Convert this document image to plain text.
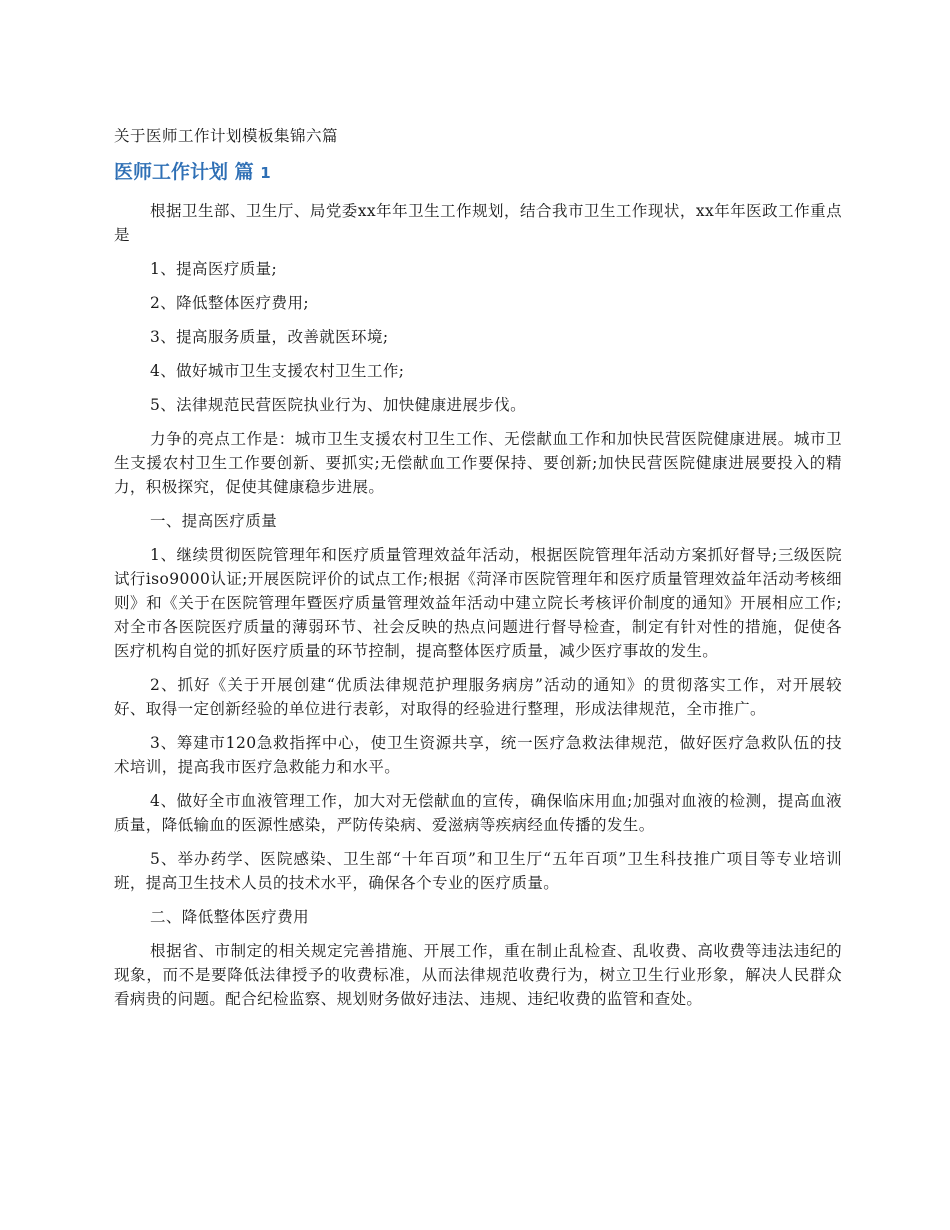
关于医师工作计划模板集锦六篇
医师工作计划 篇 1

根据卫生部、卫生厅、局党委xx年年卫生工作规划，结合我市卫生工作现状，xx年年医政工作重点是

1、提高医疗质量;

2、降低整体医疗费用;

3、提高服务质量，改善就医环境;

4、做好城市卫生支援农村卫生工作;

5、法律规范民营医院执业行为、加快健康进展步伐。

力争的亮点工作是：城市卫生支援农村卫生工作、无偿献血工作和加快民营医院健康进展。城市卫生支援农村卫生工作要创新、要抓实;无偿献血工作要保持、要创新;加快民营医院健康进展要投入的精力，积极探究，促使其健康稳步进展。

一、提高医疗质量

1、继续贯彻医院管理年和医疗质量管理效益年活动，根据医院管理年活动方案抓好督导;三级医院试行iso9000认证;开展医院评价的试点工作;根据《菏泽市医院管理年和医疗质量管理效益年活动考核细则》和《关于在医院管理年暨医疗质量管理效益年活动中建立院长考核评价制度的通知》开展相应工作;对全市各医院医疗质量的薄弱环节、社会反映的热点问题进行督导检查，制定有针对性的措施，促使各医疗机构自觉的抓好医疗质量的环节控制，提高整体医疗质量，减少医疗事故的发生。

2、抓好《关于开展创建“优质法律规范护理服务病房”活动的通知》的贯彻落实工作，对开展较好、取得一定创新经验的单位进行表彰，对取得的经验进行整理，形成法律规范，全市推广。

3、筹建市120急救指挥中心，使卫生资源共享，统一医疗急救法律规范，做好医疗急救队伍的技术培训，提高我市医疗急救能力和水平。

4、做好全市血液管理工作，加大对无偿献血的宣传，确保临床用血;加强对血液的检测，提高血液质量，降低输血的医源性感染，严防传染病、爱滋病等疾病经血传播的发生。

5、举办药学、医院感染、卫生部“十年百项”和卫生厅“五年百项”卫生科技推广项目等专业培训班，提高卫生技术人员的技术水平，确保各个专业的医疗质量。

二、降低整体医疗费用

根据省、市制定的相关规定完善措施、开展工作，重在制止乱检查、乱收费、高收费等违法违纪的现象，而不是要降低法律授予的收费标准，从而法律规范收费行为，树立卫生行业形象，解决人民群众看病贵的问题。配合纪检监察、规划财务做好违法、违规、违纪收费的监管和查处。
